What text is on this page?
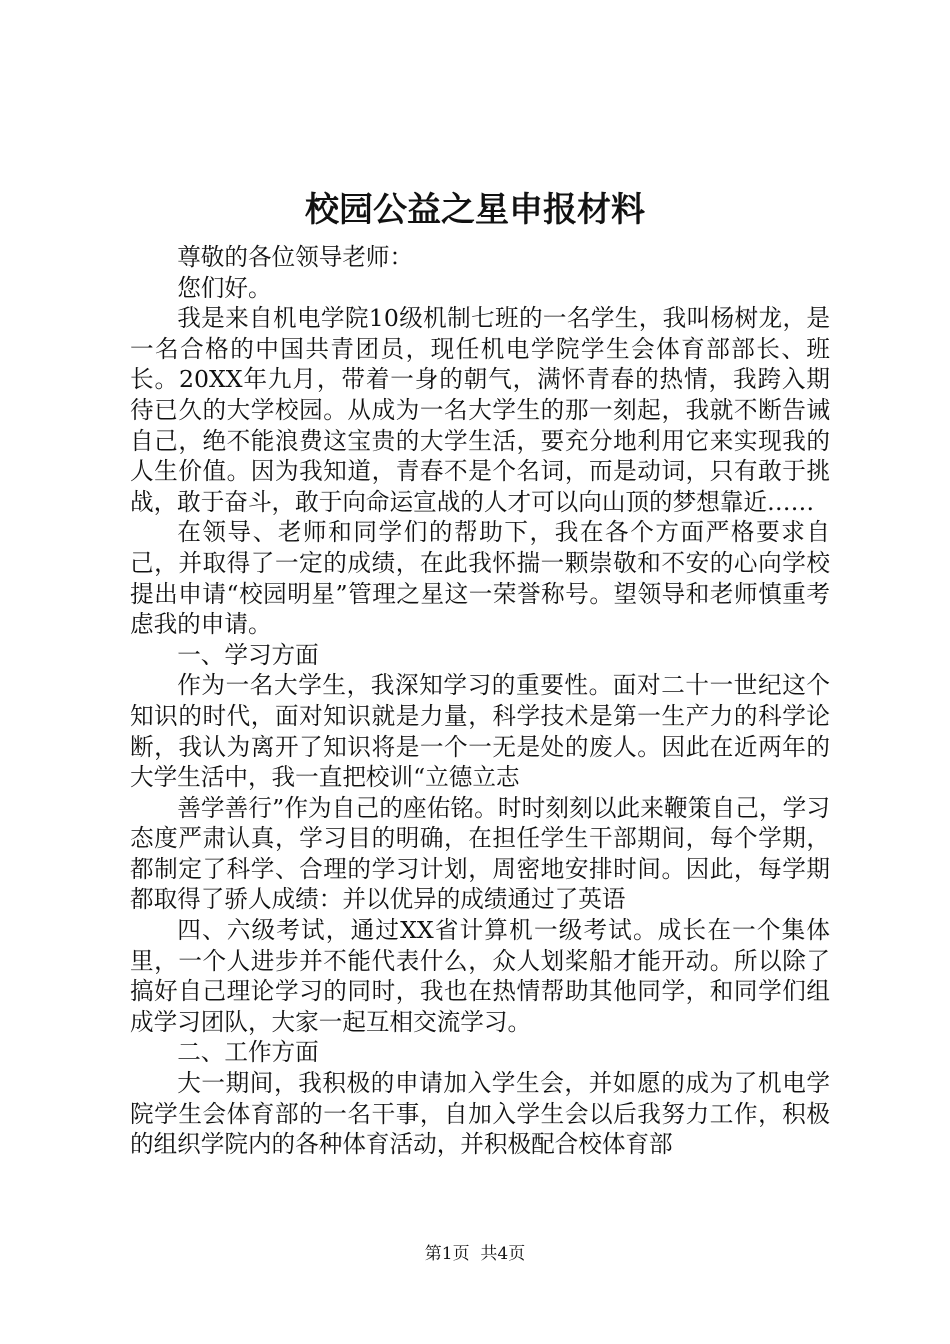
校园公益之星申报材料

尊敬的各位领导老师：

您们好。

我是来自机电学院10级机制七班的一名学生，我叫杨树龙，是一名合格的中国共青团员，现任机电学院学生会体育部部长、班长。20XX年九月，带着一身的朝气，满怀青春的热情，我跨入期待已久的大学校园。从成为一名大学生的那一刻起，我就不断告诫自己，绝不能浪费这宝贵的大学生活，要充分地利用它来实现我的人生价值。因为我知道，青春不是个名词，而是动词，只有敢于挑战，敢于奋斗，敢于向命运宣战的人才可以向山顶的梦想靠近……

在领导、老师和同学们的帮助下，我在各个方面严格要求自己，并取得了一定的成绩，在此我怀揣一颗崇敬和不安的心向学校提出申请“校园明星”管理之星这一荣誉称号。望领导和老师慎重考虑我的申请。

一、学习方面

作为一名大学生，我深知学习的重要性。面对二十一世纪这个知识的时代，面对知识就是力量，科学技术是第一生产力的科学论断，我认为离开了知识将是一个一无是处的废人。因此在近两年的大学生活中，我一直把校训“立德立志

善学善行”作为自己的座佑铭。时时刻刻以此来鞭策自己，学习态度严肃认真，学习目的明确，在担任学生干部期间，每个学期，都制定了科学、合理的学习计划，周密地安排时间。因此，每学期都取得了骄人成绩：并以优异的成绩通过了英语

四、六级考试，通过XX省计算机一级考试。成长在一个集体里，一个人进步并不能代表什么，众人划桨船才能开动。所以除了搞好自己理论学习的同时，我也在热情帮助其他同学，和同学们组成学习团队，大家一起互相交流学习。

二、工作方面

大一期间，我积极的申请加入学生会，并如愿的成为了机电学院学生会体育部的一名干事，自加入学生会以后我努力工作，积极的组织学院内的各种体育活动，并积极配合校体育部

第1页 共4页
